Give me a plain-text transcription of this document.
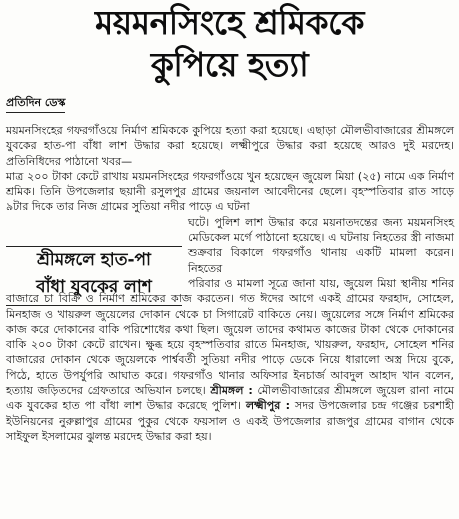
ময়মনসিংহে শ্রমিককে
কুপিয়ে হত্যা
প্রতিদিন ডেস্ক
শ্রীমঙ্গলে হাত-পা
বাঁধা যুবকের লাশ

ময়মনসিংহের গফরগাঁওয়ে নির্মাণ শ্রমিককে কুপিয়ে হত্যা করা হয়েছে। এছাড়া মৌলভীবাজারের শ্রীমঙ্গলে যুবকের হাত-পা বাঁধা লাশ উদ্ধার করা হয়েছে। লক্ষ্মীপুরে উদ্ধার করা হয়েছে আরও দুই মরদেহ। প্রতিনিধিদের পাঠানো খবর—

মাত্র ২০০ টাকা কেটে রাখায় ময়মনসিংহের গফরগাঁওয়ে খুন হয়েছেন জুয়েল মিয়া (২৫) নামে এক নির্মাণ শ্রমিক। তিনি উপজেলার ছয়ানী রসুলপুর গ্রামের জয়নাল আবেদীনের ছেলে। বৃহস্পতিবার রাত সাড়ে ৯টার দিকে তার নিজ গ্রামের সুতিয়া নদীর পাড়ে এ ঘটনা

ঘটে। পুলিশ লাশ উদ্ধার করে ময়নাতদন্তের জন্য ময়মনসিংহ মেডিকেল মর্গে পাঠানো হয়েছে। এ ঘটনায় নিহতের স্ত্রী নাজমা শুক্রবার বিকালে গফরগাঁও থানায় একটি মামলা করেন। নিহতের

পরিবার ও মামলা সূত্রে জানা যায়, জুয়েল মিয়া স্থানীয় শনির বাজারে চা বিক্রি ও নির্মাণ শ্রমিকের কাজ করতেন। গত ঈদের আগে একই গ্রামের ফরহাদ, সোহেল, মিনহাজ ও খায়রুল জুয়েলের দোকান থেকে চা সিগারেট বাকিতে নেয়। জুয়েলের সঙ্গে নির্মাণ শ্রমিকের কাজ করে দোকানের বাকি পরিশোধের কথা ছিল। জুয়েল তাদের কথামত কাজের টাকা থেকে দোকানের বাকি ২০০ টাকা কেটে রাখেন। ক্ষুব্ধ হয়ে বৃহস্পতিবার রাতে মিনহাজ, খায়রুল, ফরহাদ, সোহেল শনির বাজারের দোকান থেকে জুয়েলকে পার্শ্ববর্তী সুতিয়া নদীর পাড়ে ডেকে নিয়ে ধারালো অস্ত্র দিয়ে বুকে, পিঠে, হাতে উপর্যুপরি আঘাত করে। গফরগাঁও থানার অফিসার ইনচার্জ আবদুল আহাদ খান বলেন, হত্যায় জড়িতদের গ্রেফতারে অভিযান চলছে। শ্রীমঙ্গল : মৌলভীবাজারের শ্রীমঙ্গলে জুয়েল রানা নামে এক যুবকের হাত পা বাঁধা লাশ উদ্ধার করেছে পুলিশ। লক্ষ্মীপুর : সদর উপজেলার চন্দ্র গঞ্জের চরশাহী ইউনিয়নের নুরুল্লাপুর গ্রামের পুকুর থেকে ফয়সাল ও একই উপজেলার রাজপুর গ্রামের বাগান থেকে সাইফুল ইসলামের ঝুলন্ত মরদেহ উদ্ধার করা হয়।
